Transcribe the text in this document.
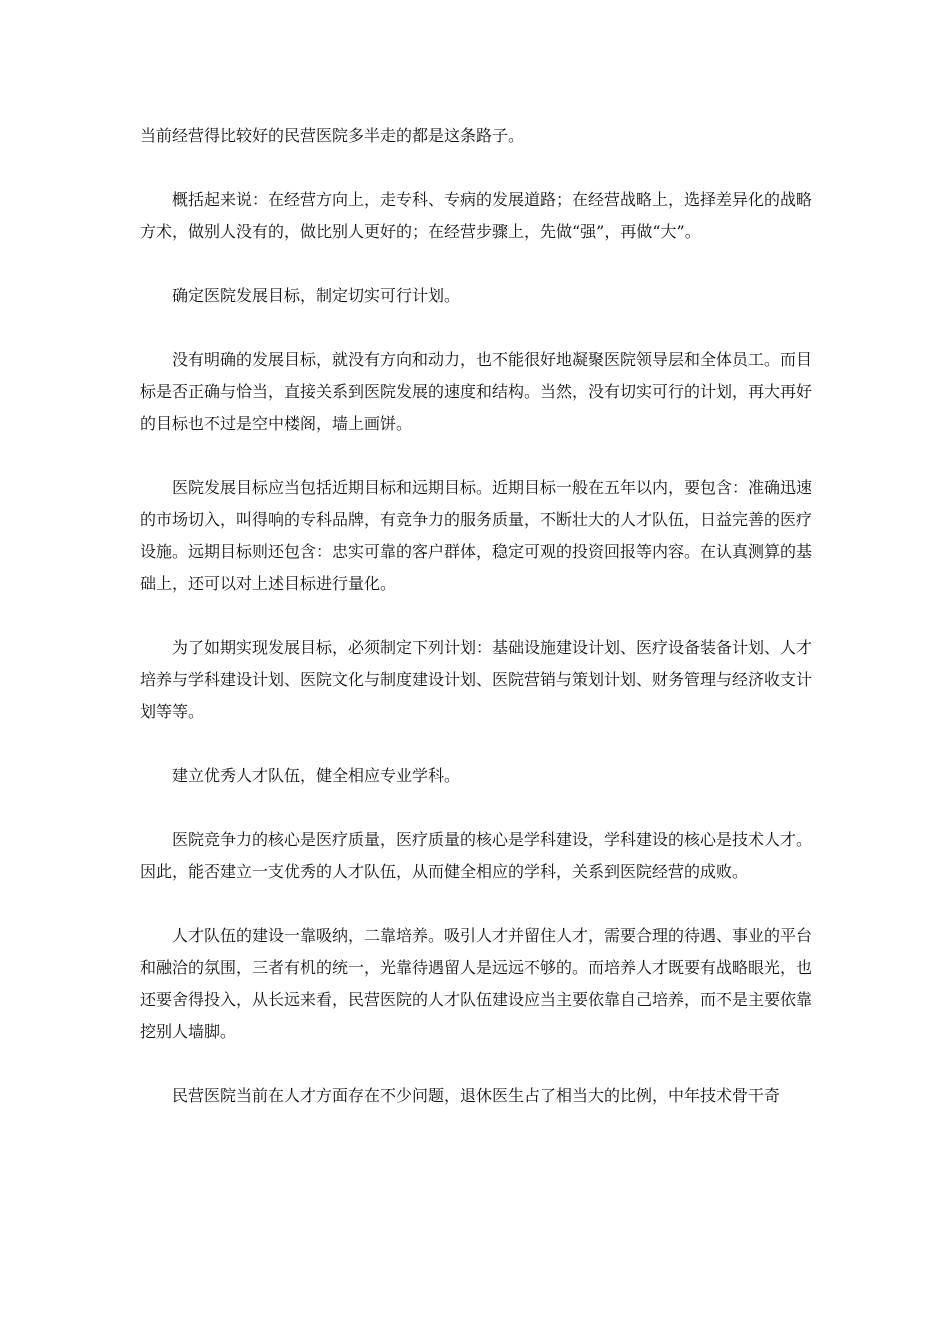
当前经营得比较好的民营医院多半走的都是这条路子。

概括起来说：在经营方向上，走专科、专病的发展道路；在经营战略上，选择差异化的战略方术，做别人没有的，做比别人更好的；在经营步骤上，先做“强”，再做“大”。

确定医院发展目标，制定切实可行计划。

没有明确的发展目标，就没有方向和动力，也不能很好地凝聚医院领导层和全体员工。而目标是否正确与恰当，直接关系到医院发展的速度和结构。当然，没有切实可行的计划，再大再好的目标也不过是空中楼阁，墙上画饼。

医院发展目标应当包括近期目标和远期目标。近期目标一般在五年以内，要包含：准确迅速的市场切入，叫得响的专科品牌，有竞争力的服务质量，不断壮大的人才队伍，日益完善的医疗设施。远期目标则还包含：忠实可靠的客户群体，稳定可观的投资回报等内容。在认真测算的基础上，还可以对上述目标进行量化。

为了如期实现发展目标，必须制定下列计划：基础设施建设计划、医疗设备装备计划、人才培养与学科建设计划、医院文化与制度建设计划、医院营销与策划计划、财务管理与经济收支计划等等。

建立优秀人才队伍，健全相应专业学科。

医院竞争力的核心是医疗质量，医疗质量的核心是学科建设，学科建设的核心是技术人才。因此，能否建立一支优秀的人才队伍，从而健全相应的学科，关系到医院经营的成败。

人才队伍的建设一靠吸纳，二靠培养。吸引人才并留住人才，需要合理的待遇、事业的平台和融洽的氛围，三者有机的统一，光靠待遇留人是远远不够的。而培养人才既要有战略眼光，也还要舍得投入，从长远来看，民营医院的人才队伍建设应当主要依靠自己培养，而不是主要依靠挖别人墙脚。

民营医院当前在人才方面存在不少问题，退休医生占了相当大的比例，中年技术骨干奇
